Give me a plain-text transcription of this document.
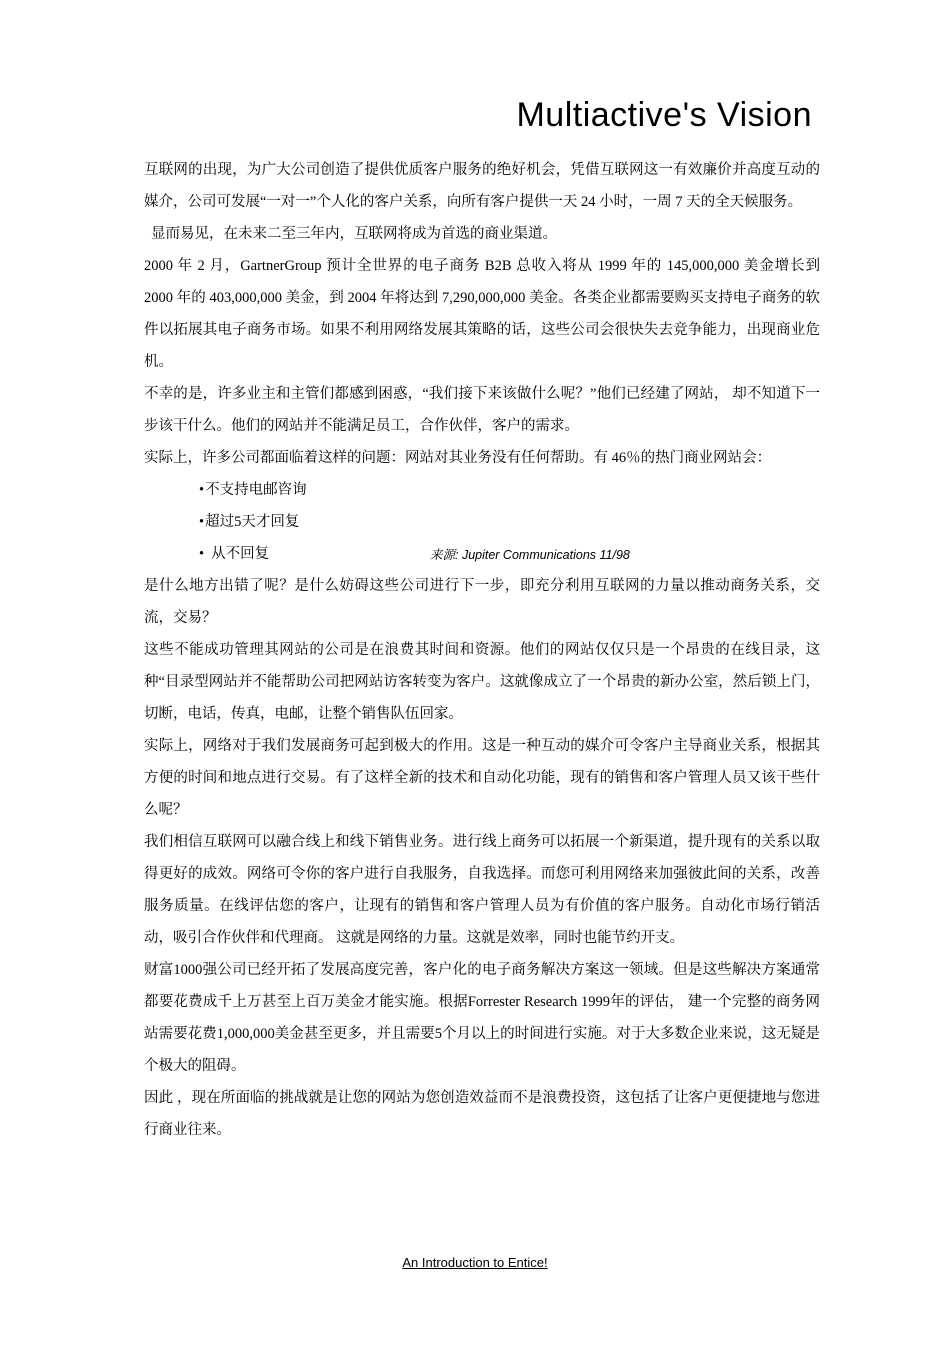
Multiactive's Vision

互联网的出现，为广大公司创造了提供优质客户服务的绝好机会，凭借互联网这一有效廉价并高度互动的媒介，公司可发展“一对一”个人化的客户关系，向所有客户提供一天 24 小时，一周 7 天的全天候服务。

显而易见，在未来二至三年内，互联网将成为首选的商业渠道。

2000 年 2 月，GartnerGroup 预计全世界的电子商务 B2B 总收入将从 1999 年的 145,000,000 美金增长到 2000 年的 403,000,000 美金，到 2004 年将达到 7,290,000,000 美金。各类企业都需要购买支持电子商务的软件以拓展其电子商务市场。如果不利用网络发展其策略的话，这些公司会很快失去竞争能力，出现商业危机。

不幸的是，许多业主和主管们都感到困惑，“我们接下来该做什么呢？”他们已经建了网站， 却不知道下一步该干什么。他们的网站并不能满足员工，合作伙伴，客户的需求。

实际上，许多公司都面临着这样的问题：网站对其业务没有任何帮助。有 46％的热门商业网站会：

•不支持电邮咨询
•超过5天才回复
• 从不回复	来源: Jupiter Communications 11/98

是什么地方出错了呢？是什么妨碍这些公司进行下一步，即充分利用互联网的力量以推动商务关系，交流，交易？

这些不能成功管理其网站的公司是在浪费其时间和资源。他们的网站仅仅只是一个昂贵的在线目录，这种“目录型网站并不能帮助公司把网站访客转变为客户。这就像成立了一个昂贵的新办公室，然后锁上门，切断，电话，传真，电邮，让整个销售队伍回家。

实际上，网络对于我们发展商务可起到极大的作用。这是一种互动的媒介可令客户主导商业关系，根据其方便的时间和地点进行交易。有了这样全新的技术和自动化功能，现有的销售和客户管理人员又该干些什么呢？

我们相信互联网可以融合线上和线下销售业务。进行线上商务可以拓展一个新渠道，提升现有的关系以取得更好的成效。网络可令你的客户进行自我服务，自我选择。而您可利用网络来加强彼此间的关系，改善服务质量。在线评估您的客户，让现有的销售和客户管理人员为有价值的客户服务。自动化市场行销活动，吸引合作伙伴和代理商。 这就是网络的力量。这就是效率，同时也能节约开支。

财富1000强公司已经开拓了发展高度完善，客户化的电子商务解决方案这一领域。但是这些解决方案通常都要花费成千上万甚至上百万美金才能实施。根据Forrester Research 1999年的评估， 建一个完整的商务网站需要花费1,000,000美金甚至更多，并且需要5个月以上的时间进行实施。对于大多数企业来说，这无疑是个极大的阻碍。

因此 ，现在所面临的挑战就是让您的网站为您创造效益而不是浪费投资，这包括了让客户更便捷地与您进行商业往来。

An Introduction to Entice!
